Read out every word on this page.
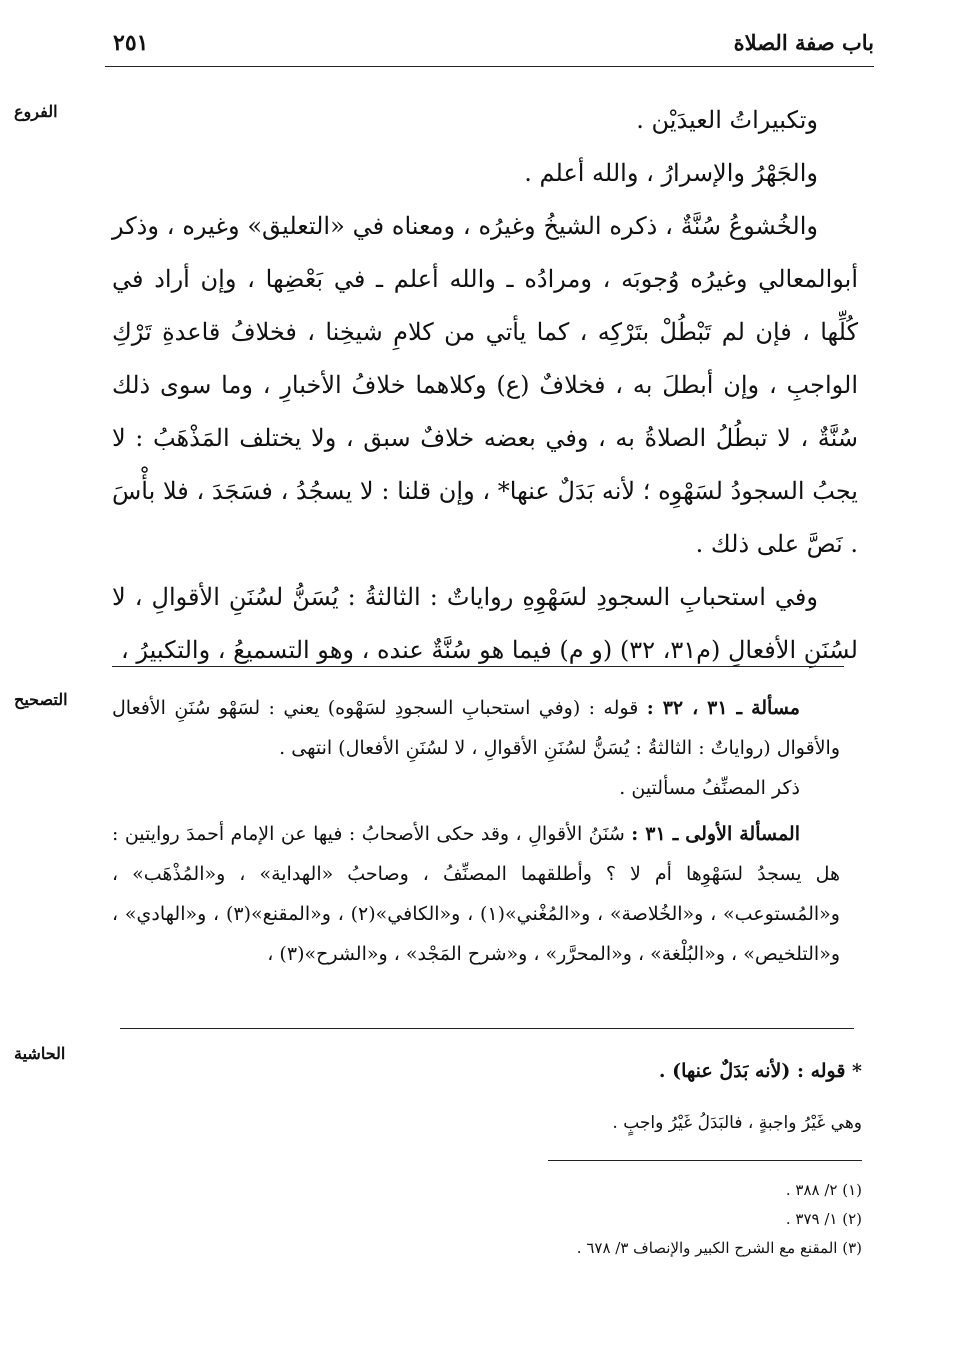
باب صفة الصلاة
٢٥١
الفروع
التصحيح
الحاشية

وتكبيراتُ العيدَيْن .

والجَهْرُ والإسرارُ ، والله أعلم .

والخُشوعُ سُنَّةٌ ، ذكره الشيخُ وغيرُه ، ومعناه في «التعليق» وغيره ، وذكر أبوالمعالي وغيرُه وُجوبَه ، ومرادُه ـ والله أعلم ـ في بَعْضِها ، وإن أراد في كُلِّها ، فإن لم تَبْطُلْ بتَرْكِه ، كما يأتي من كلامِ شيخِنا ، فخلافُ قاعدةِ تَرْكِ الواجبِ ، وإن أبطلَ به ، فخلافٌ (ع) وكلاهما خلافُ الأخبارِ ، وما سوى ذلك سُنَّةٌ ، لا تبطُلُ الصلاةُ به ، وفي بعضه خلافٌ سبق ، ولا يختلف المَذْهَبُ : لا يجبُ السجودُ لسَهْوِه ؛ لأنه بَدَلٌ عنها* ، وإن قلنا : لا يسجُدُ ، فسَجَدَ ، فلا بأْسَ . نَصَّ على ذلك .

وفي استحبابِ السجودِ لسَهْوِهِ رواياتٌ : الثالثةُ : يُسَنُّ لسُنَنِ الأقوالِ ، لا لسُنَنِ الأفعالِ (م٣١، ٣٢) (و م) فيما هو سُنَّةٌ عنده ، وهو التسميعُ ، والتكبيرُ ،

مسألة ـ ٣١ ، ٣٢ : قوله : (وفي استحبابِ السجودِ لسَهْوه) يعني : لسَهْو سُنَنِ الأفعال والأقوال (رواياتٌ : الثالثةُ : يُسَنُّ لسُنَنِ الأقوالِ ، لا لسُنَنِ الأفعال) انتهى .

ذكر المصنِّفُ مسألتين .

المسألة الأولى ـ ٣١ : سُنَنُ الأقوالِ ، وقد حكى الأصحابُ : فيها عن الإمام أحمدَ روايتين : هل يسجدُ لسَهْوِها أم لا ؟ وأطلقهما المصنِّفُ ، وصاحبُ «الهداية» ، و«المُذْهَب» ، و«المُستوعب» ، و«الخُلاصة» ، و«المُغْني»(١) ، و«الكافي»(٢) ، و«المقنع»(٣) ، و«الهادي» ، و«التلخيص» ، و«البُلْغة» ، و«المحرَّر» ، و«شرح المَجْد» ، و«الشرح»(٣) ،

* قوله : (لأنه بَدَلٌ عنها) .

وهي غَيْرُ واجبةٍ ، فالبَدَلُ غَيْرُ واجبٍ .

(١) ٢/ ٣٨٨ .

(٢) ١/ ٣٧٩ .

(٣) المقنع مع الشرح الكبير والإنصاف ٣/ ٦٧٨ .
